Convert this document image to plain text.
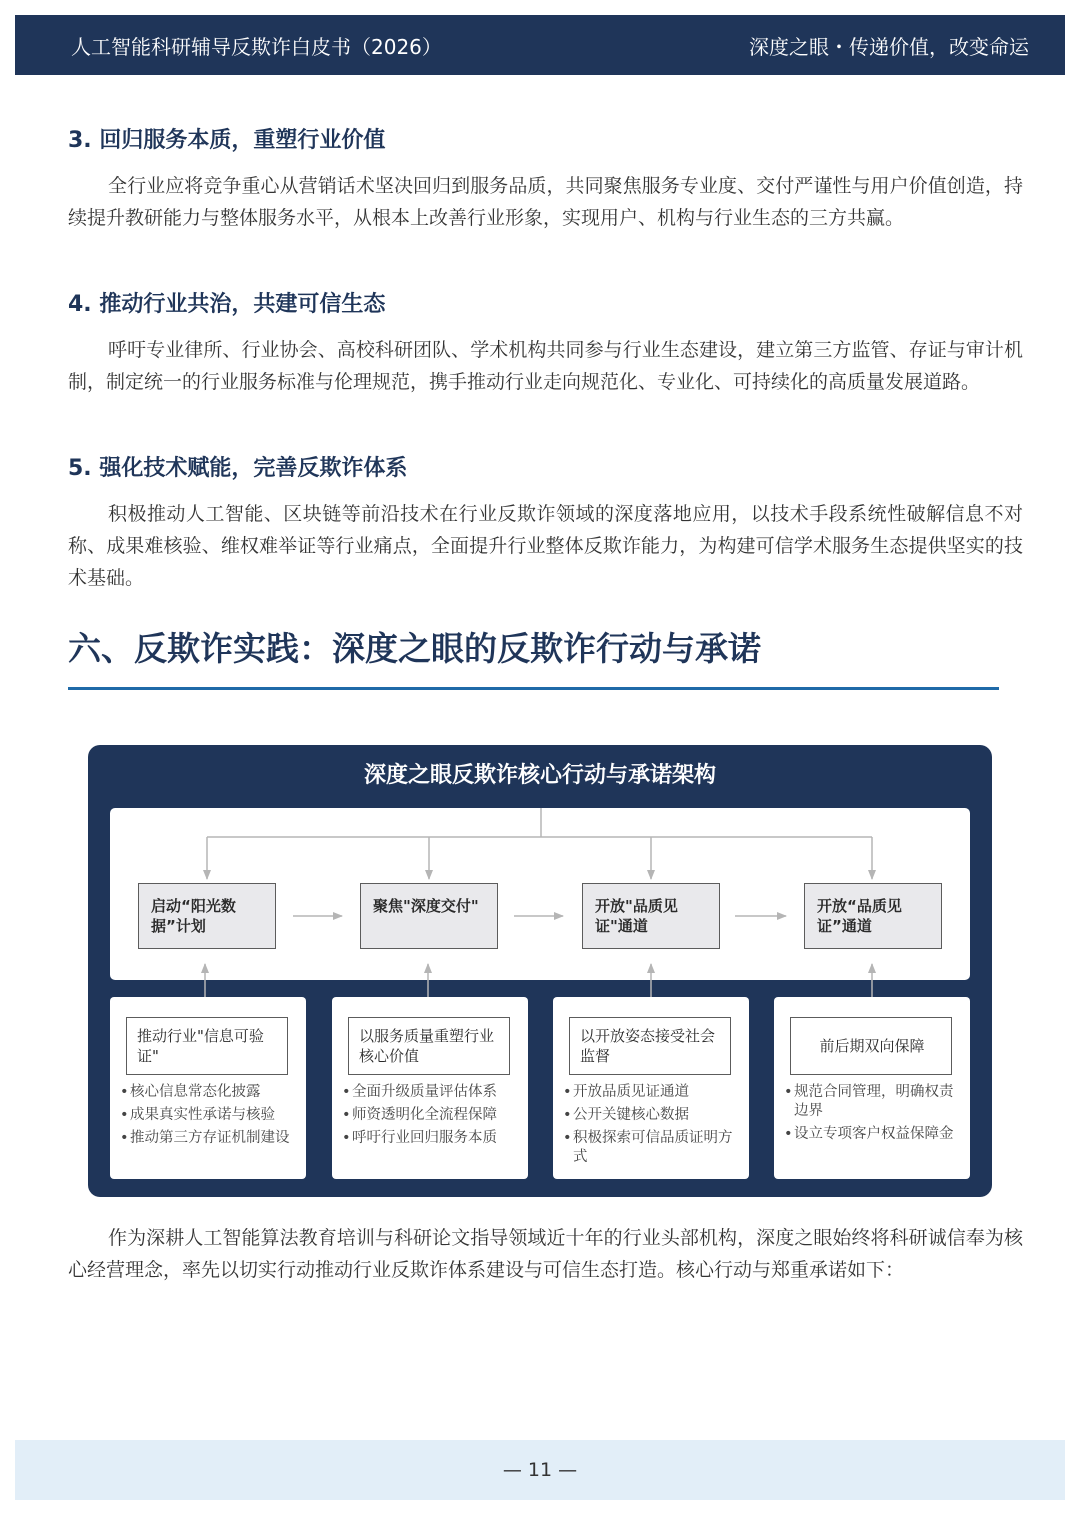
人工智能科研辅导反欺诈白皮书（2026）	深度之眼・传递价值，改变命运
3. 回归服务本质，重塑行业价值

全行业应将竞争重心从营销话术坚决回归到服务品质，共同聚焦服务专业度、交付严谨性与用户价值创造，持续提升教研能力与整体服务水平，从根本上改善行业形象，实现用户、机构与行业生态的三方共赢。

4. 推动行业共治，共建可信生态

呼吁专业律所、行业协会、高校科研团队、学术机构共同参与行业生态建设，建立第三方监管、存证与审计机制，制定统一的行业服务标准与伦理规范，携手推动行业走向规范化、专业化、可持续化的高质量发展道路。

5. 强化技术赋能，完善反欺诈体系

积极推动人工智能、区块链等前沿技术在行业反欺诈领域的深度落地应用，以技术手段系统性破解信息不对称、成果难核验、维权难举证等行业痛点，全面提升行业整体反欺诈能力，为构建可信学术服务生态提供坚实的技术基础。

六、反欺诈实践：深度之眼的反欺诈行动与承诺
深度之眼反欺诈核心行动与承诺架构
启动“阳光数据”计划
聚焦"深度交付"	开放"品质见证"通道
开放“品质见证”通道
推动行业"信息可验证"
• 核心信息常态化披露
• 成果真实性承诺与核验
• 推动第三方存证机制建设
以服务质量重塑行业核心价值
• 全面升级质量评估体系
• 师资透明化全流程保障
• 呼吁行业回归服务本质
以开放姿态接受社会监督
• 开放品质见证通道
• 公开关键核心数据
• 积极探索可信品质证明方式
前后期双向保障
• 规范合同管理，明确权责边界
• 设立专项客户权益保障金

作为深耕人工智能算法教育培训与科研论文指导领域近十年的行业头部机构，深度之眼始终将科研诚信奉为核心经营理念，率先以切实行动推动行业反欺诈体系建设与可信生态打造。核心行动与郑重承诺如下：

— 11 —
